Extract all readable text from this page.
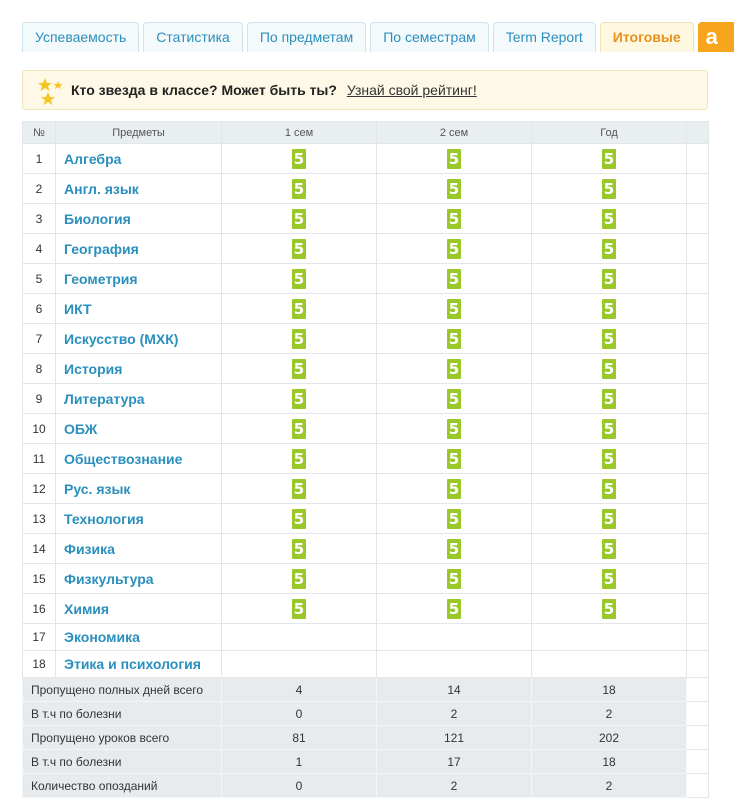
Успеваемость	Статистика	По предметам	По семестрам	Term Report	Итоговые	a
Кто звезда в классе? Может быть ты? Узнай свой рейтинг!
№	Предметы	1 сем	2 сем	Год	
1	Алгебра	5	5	5	
2	Англ. язык	5	5	5	
3	Биология	5	5	5	
4	География	5	5	5	
5	Геометрия	5	5	5	
6	ИКТ	5	5	5	
7	Искусство (МХК)	5	5	5	
8	История	5	5	5	
9	Литература	5	5	5	
10	ОБЖ	5	5	5	
11	Обществознание	5	5	5	
12	Рус. язык	5	5	5	
13	Технология	5	5	5	
14	Физика	5	5	5	
15	Физкультура	5	5	5	
16	Химия	5	5	5	
17	Экономика				
18	Этика и психология				
Пропущено полных дней всего		4	14	18	
В т.ч по болезни		0	2	2	
Пропущено уроков всего		81	121	202	
В т.ч по болезни		1	17	18	
Количество опозданий		0	2	2	
